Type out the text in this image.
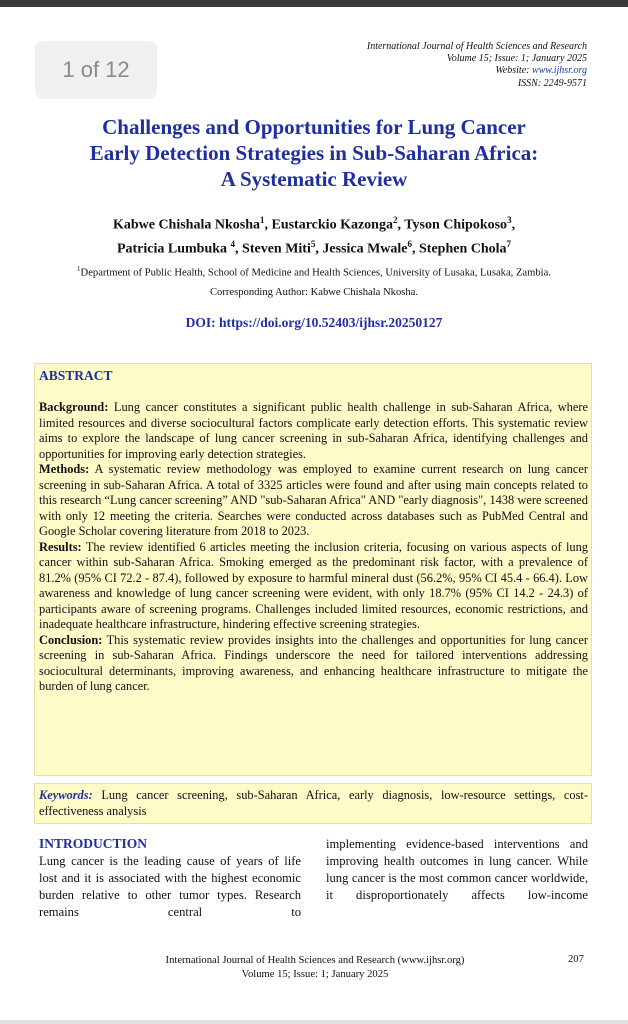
1 of 12
International Journal of Health Sciences and Research
Volume 15; Issue: 1; January 2025
Website: www.ijhsr.org
ISSN: 2249-9571
Challenges and Opportunities for Lung Cancer
Early Detection Strategies in Sub-Saharan Africa:
A Systematic Review
Kabwe Chishala Nkosha$^1$, Eustarckio Kazonga$^2$, Tyson Chipokoso$^3$,
Patricia Lumbuka $^4$, Steven Miti$^5$, Jessica Mwale$^6$, Stephen Chola$^7$
$^1$Department of Public Health, School of Medicine and Health Sciences, University of Lusaka, Lusaka, Zambia.
Corresponding Author: Kabwe Chishala Nkosha.
DOI: https://doi.org/10.52403/ijhsr.20250127
ABSTRACT

Background: Lung cancer constitutes a significant public health challenge in sub-Saharan Africa, where limited resources and diverse sociocultural factors complicate early detection efforts. This systematic review aims to explore the landscape of lung cancer screening in sub-Saharan Africa, identifying challenges and opportunities for improving early detection strategies.

Methods: A systematic review methodology was employed to examine current research on lung cancer screening in sub-Saharan Africa. A total of 3325 articles were found and after using main concepts related to this research “Lung cancer screening” AND "sub-Saharan Africa" AND "early diagnosis", 1438 were screened with only 12 meeting the criteria. Searches were conducted across databases such as PubMed Central and Google Scholar covering literature from 2018 to 2023.

Results: The review identified 6 articles meeting the inclusion criteria, focusing on various aspects of lung cancer within sub-Saharan Africa. Smoking emerged as the predominant risk factor, with a prevalence of 81.2% (95% CI 72.2 - 87.4), followed by exposure to harmful mineral dust (56.2%, 95% CI 45.4 - 66.4). Low awareness and knowledge of lung cancer screening were evident, with only 18.7% (95% CI 14.2 - 24.3) of participants aware of screening programs. Challenges included limited resources, economic restrictions, and inadequate healthcare infrastructure, hindering effective screening strategies.

Conclusion: This systematic review provides insights into the challenges and opportunities for lung cancer screening in sub-Saharan Africa. Findings underscore the need for tailored interventions addressing sociocultural determinants, improving awareness, and enhancing healthcare infrastructure to mitigate the burden of lung cancer.

Keywords: Lung cancer screening, sub-Saharan Africa, early diagnosis, low-resource settings, cost-effectiveness analysis
INTRODUCTION
Lung cancer is the leading cause of years of life lost and it is associated with the highest economic burden relative to other tumor types. Research remains central to
implementing evidence-based interventions and improving health outcomes in lung cancer. While lung cancer is the most common cancer worldwide, it disproportionately affects low-income
International Journal of Health Sciences and Research (www.ijhsr.org)
Volume 15; Issue: 1; January 2025
207
